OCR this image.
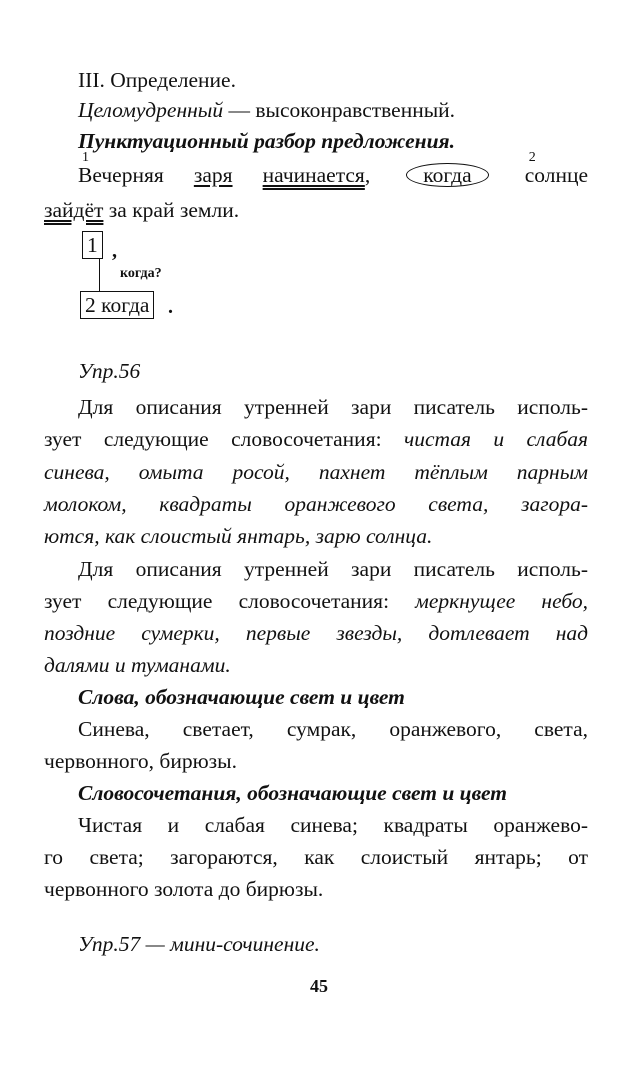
III. Определение.
Целомудренный — высоконравственный.
Пунктуационный разбор предложения.
1
Вечерняя заря начинается, когда
2
солнце
зайдёт за край земли.
1 ,
когда?
2 когда .
Упр.56
Для описания утренней зари писатель исполь-
зует следующие словосочетания: чистая и слабая
синева, омыта росой, пахнет тёплым парным
молоком, квадраты оранжевого света, загора-
ются, как слоистый янтарь, зарю солнца.
Для описания утренней зари писатель исполь-
зует следующие словосочетания: меркнущее небо,
поздние сумерки, первые звезды, дотлевает над
далями и туманами.
Слова, обозначающие свет и цвет
Синева, светает, сумрак, оранжевого, света,
червонного, бирюзы.
Словосочетания, обозначающие свет и цвет
Чистая и слабая синева; квадраты оранжево-
го света; загораются, как слоистый янтарь; от
червонного золота до бирюзы.
Упр.57 — мини-сочинение.
45
